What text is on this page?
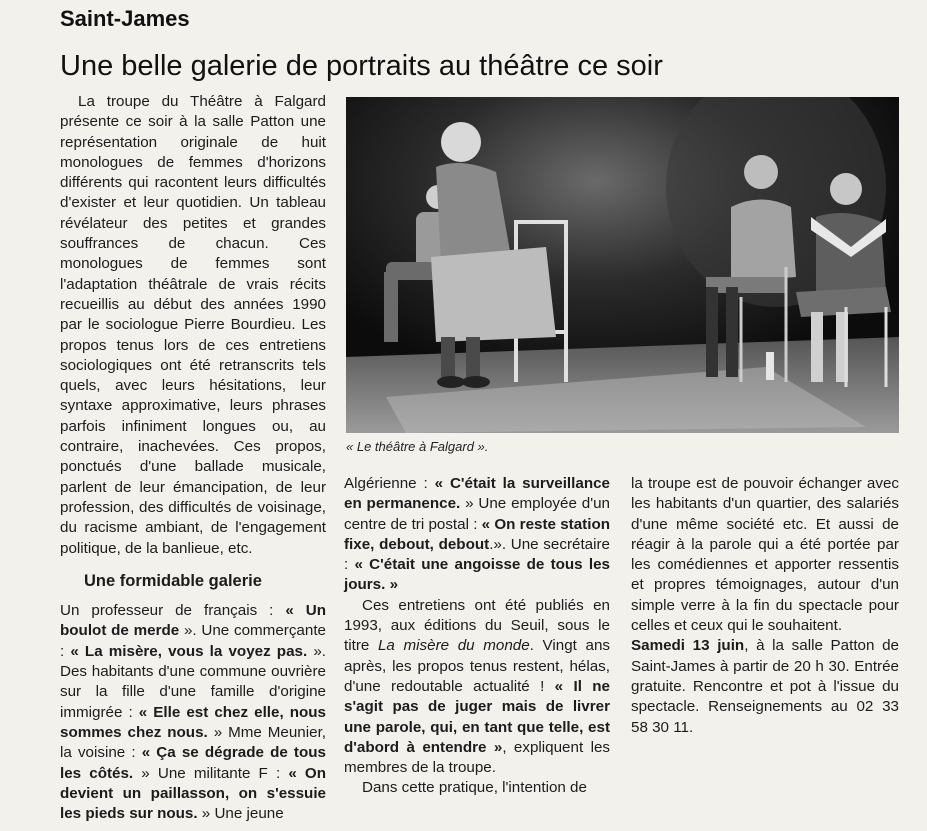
Saint-James
Une belle galerie de portraits au théâtre ce soir

La troupe du Théâtre à Falgard présente ce soir à la salle Patton une représentation originale de huit monologues de femmes d'horizons différents qui racontent leurs difficultés d'exister et leur quotidien. Un tableau révélateur des petites et grandes souffrances de chacun. Ces monologues de femmes sont l'adaptation théâtrale de vrais récits recueillis au début des années 1990 par le sociologue Pierre Bourdieu. Les propos tenus lors de ces entretiens sociologiques ont été retranscrits tels quels, avec leurs hésitations, leur syntaxe approximative, leurs phrases parfois infiniment longues ou, au contraire, inachevées. Ces propos, ponctués d'une ballade musicale, parlent de leur émancipation, de leur profession, des difficultés de voisinage, du racisme ambiant, de l'engagement politique, de la banlieue, etc.

Une formidable galerie

Un professeur de français : « Un boulot de merde ». Une commerçante : « La misère, vous la voyez pas. ». Des habitants d'une commune ouvrière sur la fille d'une famille d'origine immigrée : « Elle est chez elle, nous sommes chez nous. » Mme Meunier, la voisine : « Ça se dégrade de tous les côtés. » Une militante F : « On devient un paillasson, on s'essuie les pieds sur nous. » Une jeune

« Le théâtre à Falgard ».

Algérienne : « C'était la surveillance en permanence. » Une employée d'un centre de tri postal : « On reste station fixe, debout, debout.». Une secrétaire : « C'était une angoisse de tous les jours. »

Ces entretiens ont été publiés en 1993, aux éditions du Seuil, sous le titre La misère du monde. Vingt ans après, les propos tenus restent, hélas, d'une redoutable actualité ! « Il ne s'agit pas de juger mais de livrer une parole, qui, en tant que telle, est d'abord à entendre », expliquent les membres de la troupe.

Dans cette pratique, l'intention de

la troupe est de pouvoir échanger avec les habitants d'un quartier, des salariés d'une même société etc. Et aussi de réagir à la parole qui a été portée par les comédiennes et apporter ressentis et propres témoignages, autour d'un simple verre à la fin du spectacle pour celles et ceux qui le souhaitent.

Samedi 13 juin, à la salle Patton de Saint-James à partir de 20 h 30. Entrée gratuite. Rencontre et pot à l'issue du spectacle. Renseignements au 02 33 58 30 11.
